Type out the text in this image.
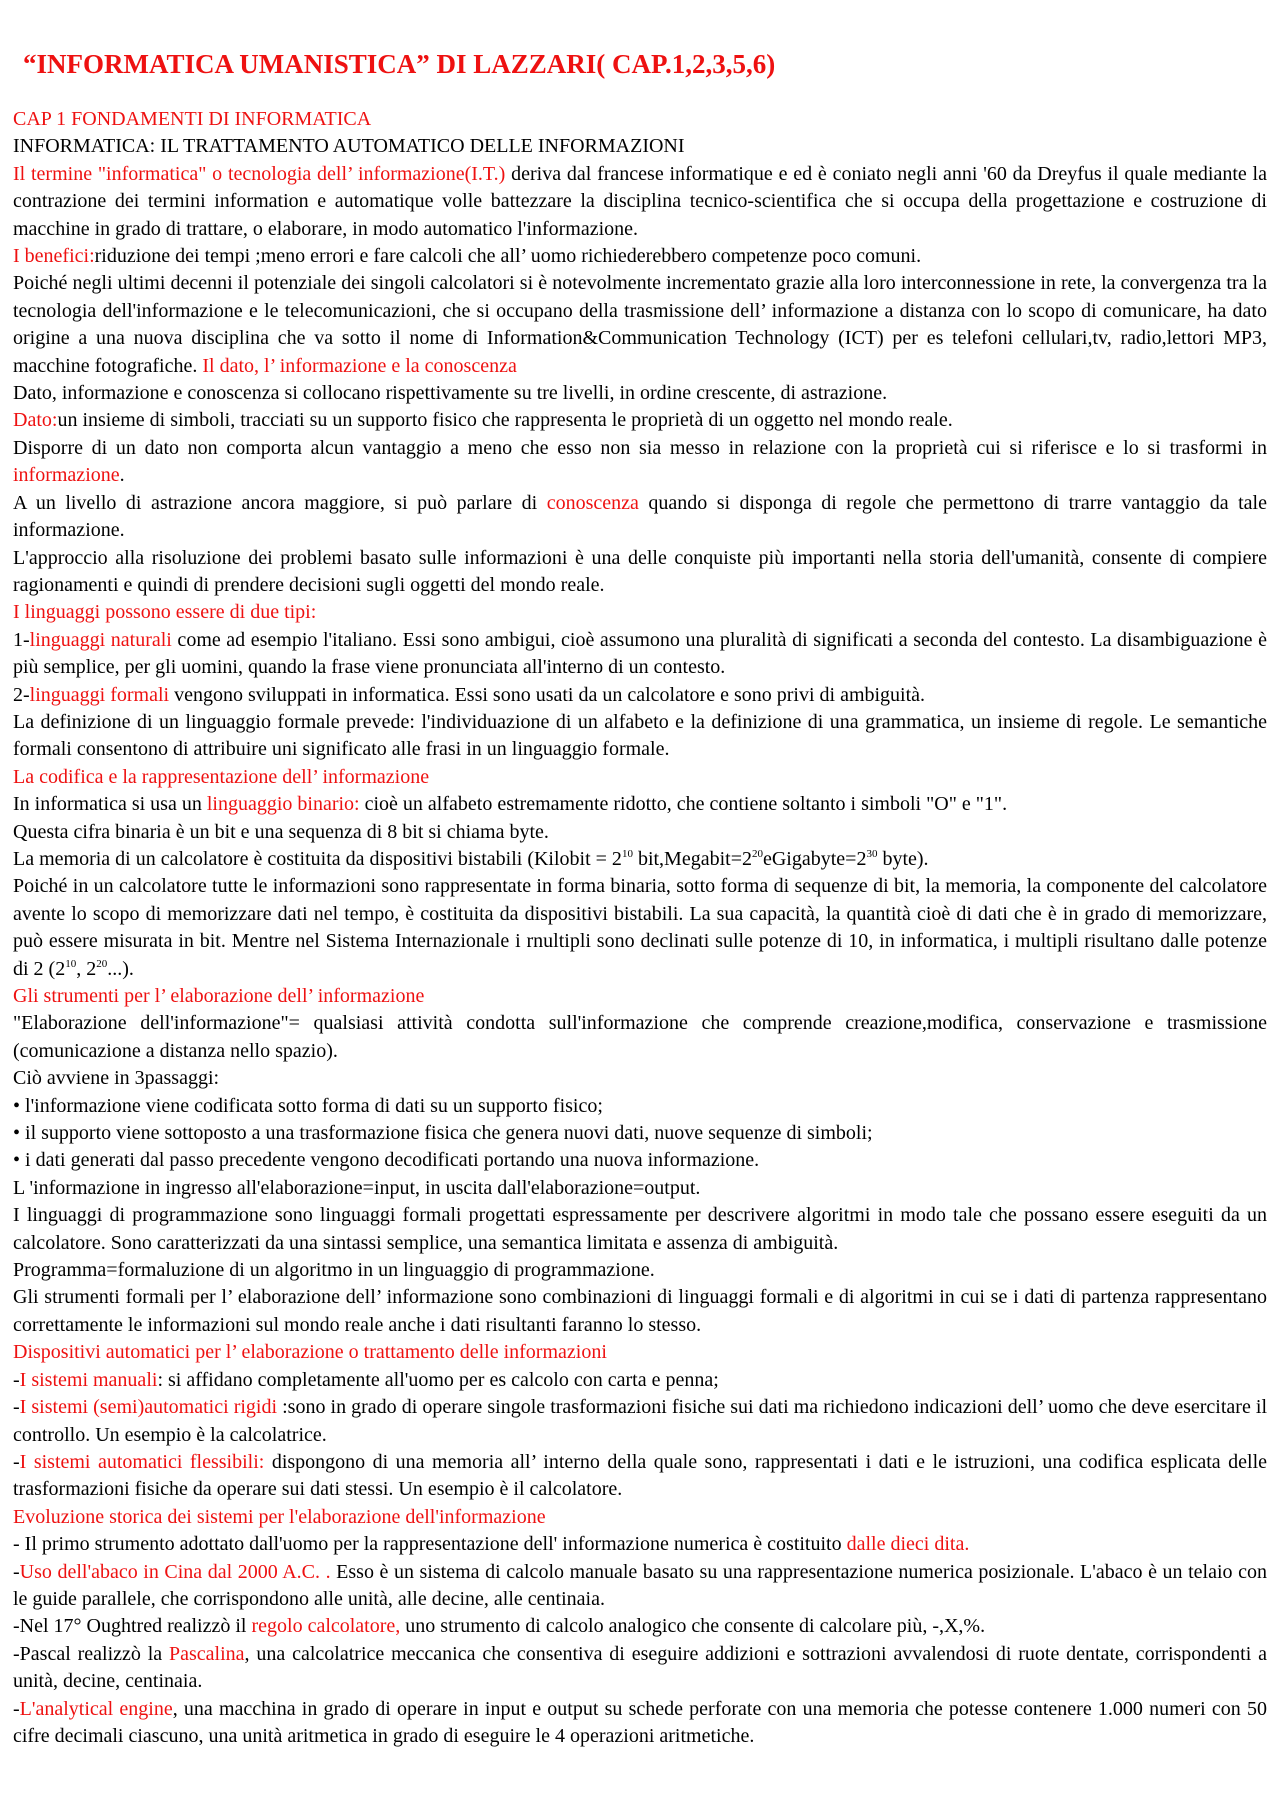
“INFORMATICA UMANISTICA” DI LAZZARI( CAP.1,2,3,5,6)
CAP 1 FONDAMENTI DI INFORMATICA
INFORMATICA: IL TRATTAMENTO AUTOMATICO DELLE INFORMAZIONI
Il termine "informatica" o tecnologia dell’ informazione(I.T.) deriva dal francese informatique e ed è coniato negli anni '60 da Dreyfus il quale mediante la contrazione dei termini information e automatique volle battezzare la disciplina tecnico-scientifica che si occupa della progettazione e costruzione di macchine in grado di trattare, o elaborare, in modo automatico l'informazione.
I benefici:riduzione dei tempi ;meno errori e fare calcoli che all’ uomo richiederebbero competenze poco comuni.
Poiché negli ultimi decenni il potenziale dei singoli calcolatori si è notevolmente incrementato grazie alla loro interconnessione in rete, la convergenza tra la tecnologia dell'informazione e le telecomunicazioni, che si occupano della trasmissione dell’ informazione a distanza con lo scopo di comunicare, ha dato origine a una nuova disciplina che va sotto il nome di Information&Communication Technology (ICT) per es telefoni cellulari,tv, radio,lettori MP3, macchine fotografiche. Il dato, l’ informazione e la conoscenza
Dato, informazione e conoscenza si collocano rispettivamente su tre livelli, in ordine crescente, di astrazione.
Dato:un insieme di simboli, tracciati su un supporto fisico che rappresenta le proprietà di un oggetto nel mondo reale.
Disporre di un dato non comporta alcun vantaggio a meno che esso non sia messo in relazione con la proprietà cui si riferisce e lo si trasformi in informazione.
A un livello di astrazione ancora maggiore, si può parlare di conoscenza quando si disponga di regole che permettono di trarre vantaggio da tale informazione.
L'approccio alla risoluzione dei problemi basato sulle informazioni è una delle conquiste più importanti nella storia dell'umanità, consente di compiere ragionamenti e quindi di prendere decisioni sugli oggetti del mondo reale.
I linguaggi possono essere di due tipi:
1-linguaggi naturali come ad esempio l'italiano. Essi sono ambigui, cioè assumono una pluralità di significati a seconda del contesto. La disambiguazione è più semplice, per gli uomini, quando la frase viene pronunciata all'interno di un contesto.
2-linguaggi formali vengono sviluppati in informatica. Essi sono usati da un calcolatore e sono privi di ambiguità.
La definizione di un linguaggio formale prevede: l'individuazione di un alfabeto e la definizione di una grammatica, un insieme di regole. Le semantiche formali consentono di attribuire uni significato alle frasi in un linguaggio formale.
La codifica e la rappresentazione dell’ informazione
In informatica si usa un linguaggio binario: cioè un alfabeto estremamente ridotto, che contiene soltanto i simboli "O" e "1".
Questa cifra binaria è un bit e una sequenza di 8 bit si chiama byte.
La memoria di un calcolatore è costituita da dispositivi bistabili (Kilobit = $2^{10}$ $bit,Megabit=2^{20}eGigabyte=2^{30}$ byte).
Poiché in un calcolatore tutte le informazioni sono rappresentate in forma binaria, sotto forma di sequenze di bit, la memoria, la componente del calcolatore avente lo scopo di memorizzare dati nel tempo, è costituita da dispositivi bistabili. La sua capacità, la quantità cioè di dati che è in grado di memorizzare, può essere misurata in bit. Mentre nel Sistema Internazionale i rnultipli sono declinati sulle potenze di 10, in informatica, i multipli risultano dalle potenze di 2 ($2^{10}$, $2^{20}$...).
Gli strumenti per l’ elaborazione dell’ informazione
"Elaborazione dell'informazione"= qualsiasi attività condotta sull'informazione che comprende creazione,modifica, conservazione e trasmissione (comunicazione a distanza nello spazio).
Ciò avviene in 3passaggi:
• l'informazione viene codificata sotto forma di dati su un supporto fisico;
• il supporto viene sottoposto a una trasformazione fisica che genera nuovi dati, nuove sequenze di simboli;
• i dati generati dal passo precedente vengono decodificati portando una nuova informazione.
L 'informazione in ingresso all'elaborazione=input, in uscita dall'elaborazione=output.
I linguaggi di programmazione sono linguaggi formali progettati espressamente per descrivere algoritmi in modo tale che possano essere eseguiti da un calcolatore. Sono caratterizzati da una sintassi semplice, una semantica limitata e assenza di ambiguità.
Programma=formaluzione di un algoritmo in un linguaggio di programmazione.
Gli strumenti formali per l’ elaborazione dell’ informazione sono combinazioni di linguaggi formali e di algoritmi in cui se i dati di partenza rappresentano correttamente le informazioni sul mondo reale anche i dati risultanti faranno lo stesso.
Dispositivi automatici per l’ elaborazione o trattamento delle informazioni
-I sistemi manuali: si affidano completamente all'uomo per es calcolo con carta e penna;
-I sistemi (semi)automatici rigidi :sono in grado di operare singole trasformazioni fisiche sui dati ma richiedono indicazioni dell’ uomo che deve esercitare il controllo. Un esempio è la calcolatrice.
-I sistemi automatici flessibili: dispongono di una memoria all’ interno della quale sono, rappresentati i dati e le istruzioni, una codifica esplicata delle trasformazioni fisiche da operare sui dati stessi. Un esempio è il calcolatore.
Evoluzione storica dei sistemi per l'elaborazione dell'informazione
- Il primo strumento adottato dall'uomo per la rappresentazione dell' informazione numerica è costituito dalle dieci dita.
-Uso dell'abaco in Cina dal 2000 A.C. . Esso è un sistema di calcolo manuale basato su una rappresentazione numerica posizionale. L'abaco è un telaio con le guide parallele, che corrispondono alle unità, alle decine, alle centinaia.
-Nel 17° Oughtred realizzò il regolo calcolatore, uno strumento di calcolo analogico che consente di calcolare più, -,X,%.
-Pascal realizzò la Pascalina, una calcolatrice meccanica che consentiva di eseguire addizioni e sottrazioni avvalendosi di ruote dentate, corrispondenti a unità, decine, centinaia.
-L'analytical engine, una macchina in grado di operare in input e output su schede perforate con una memoria che potesse contenere 1.000 numeri con 50 cifre decimali ciascuno, una unità aritmetica in grado di eseguire le 4 operazioni aritmetiche.
